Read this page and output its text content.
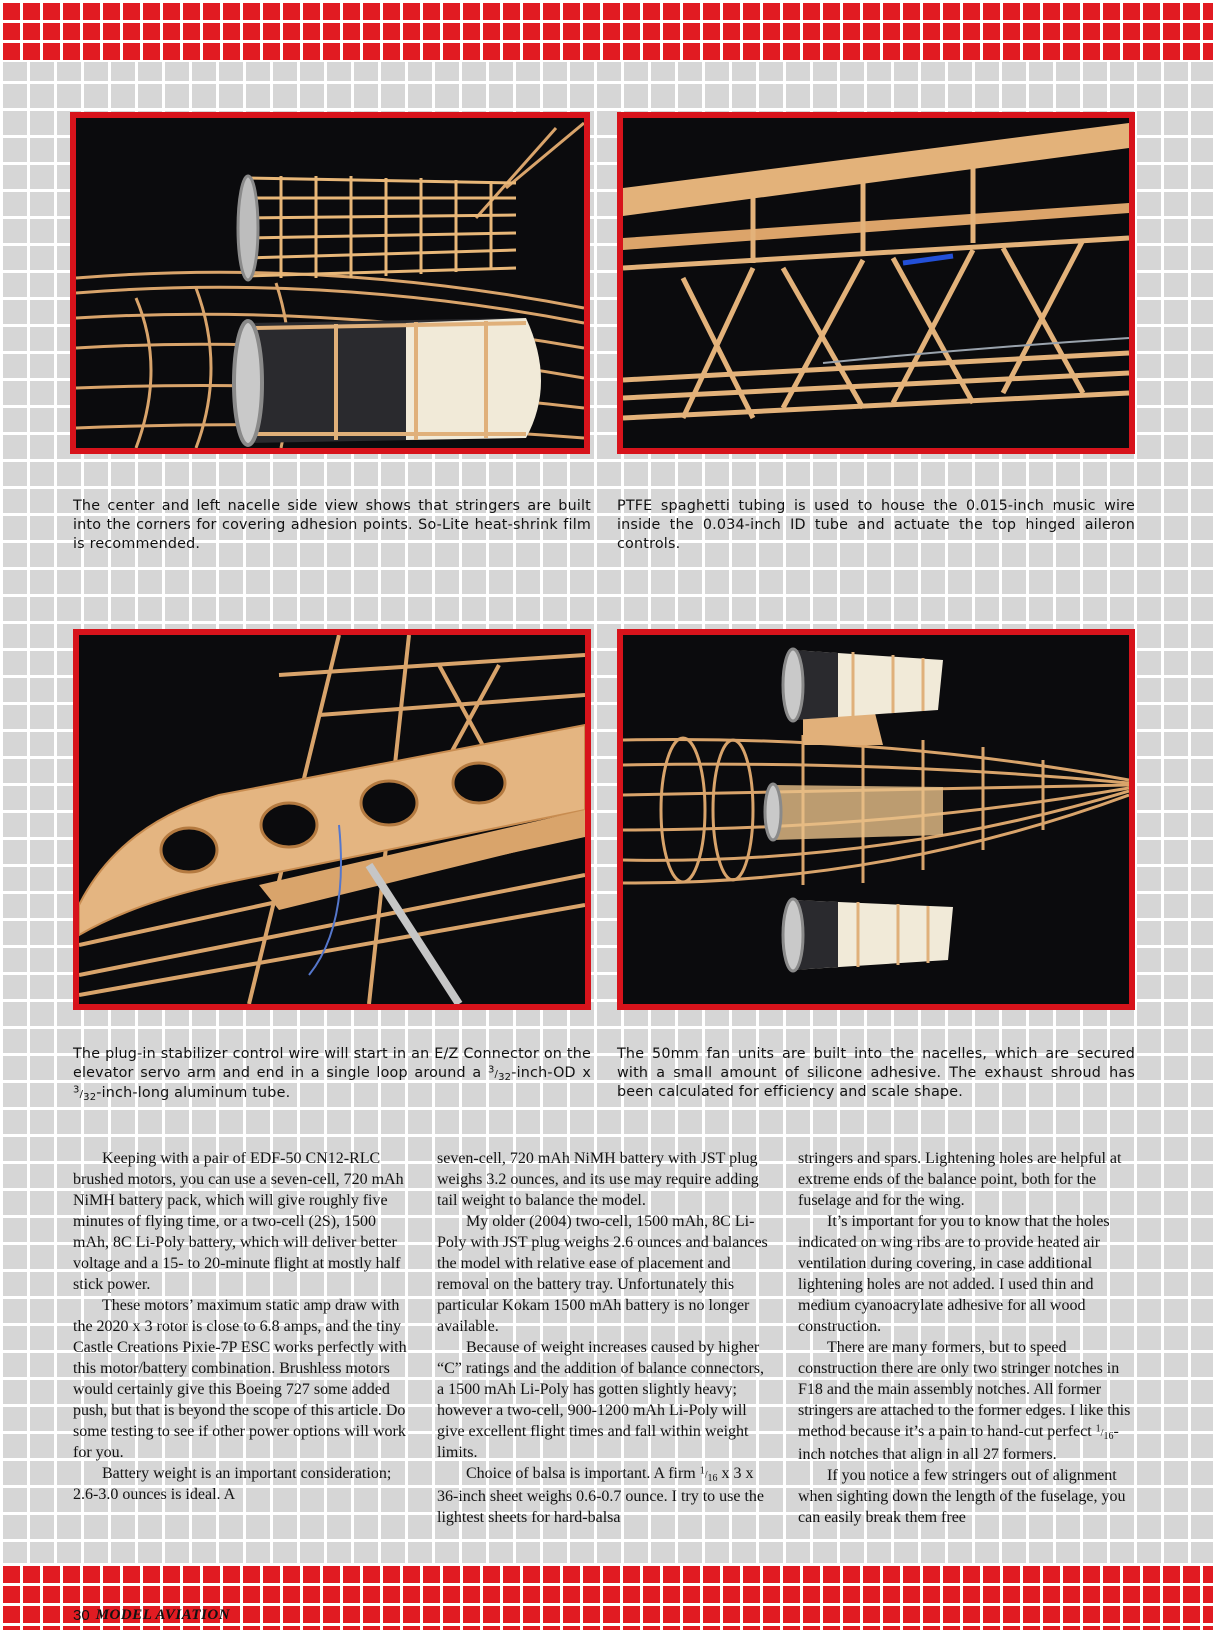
The center and left nacelle side view shows that stringers are built into the corners for covering adhesion points. So-Lite heat-shrink film is recommended.

PTFE spaghetti tubing is used to house the 0.015-inch music wire inside the 0.034-inch ID tube and actuate the top hinged aileron controls.

The plug-in stabilizer control wire will start in an E/Z Connector on the elevator servo arm and end in a single loop around a $^3/_{32}-inch-OD$ x $^3/_{32}-inch$-long aluminum tube.

The 50mm fan units are built into the nacelles, which are secured with a small amount of silicone adhesive. The exhaust shroud has been calculated for efficiency and scale shape.

Keeping with a pair of EDF-50 CN12-RLC brushed motors, you can use a seven-cell, 720 mAh NiMH battery pack, which will give roughly five minutes of flying time, or a two-cell (2S), 1500 mAh, 8C Li-Poly battery, which will deliver better voltage and a 15- to 20-minute flight at mostly half stick power.

These motors’ maximum static amp draw with the 2020 x 3 rotor is close to 6.8 amps, and the tiny Castle Creations Pixie-7P ESC works perfectly with this motor/battery combination. Brushless motors would certainly give this Boeing 727 some added push, but that is beyond the scope of this article. Do some testing to see if other power options will work for you.

Battery weight is an important consideration; 2.6-3.0 ounces is ideal. A

seven-cell, 720 mAh NiMH battery with JST plug weighs 3.2 ounces, and its use may require adding tail weight to balance the model.

My older (2004) two-cell, 1500 mAh, 8C Li-Poly with JST plug weighs 2.6 ounces and balances the model with relative ease of placement and removal on the battery tray. Unfortunately this particular Kokam 1500 mAh battery is no longer available.

Because of weight increases caused by higher “C” ratings and the addition of balance connectors, a 1500 mAh Li-Poly has gotten slightly heavy; however a two-cell, 900-1200 mAh Li-Poly will give excellent flight times and fall within weight limits.

Choice of balsa is important. A firm $^1/_{16}$ x 3 x 36-inch sheet weighs 0.6-0.7 ounce. I try to use the lightest sheets for hard-balsa

stringers and spars. Lightening holes are helpful at extreme ends of the balance point, both for the fuselage and for the wing.

It’s important for you to know that the holes indicated on wing ribs are to provide heated air ventilation during covering, in case additional lightening holes are not added. I used thin and medium cyanoacrylate adhesive for all wood construction.

There are many formers, but to speed construction there are only two stringer notches in F18 and the main assembly notches. All former stringers are attached to the former edges. I like this method because it’s a pain to hand-cut perfect $^1/_{16}$-inch notches that align in all 27 formers.

If you notice a few stringers out of alignment when sighting down the length of the fuselage, you can easily break them free

30 MODEL AVIATION
